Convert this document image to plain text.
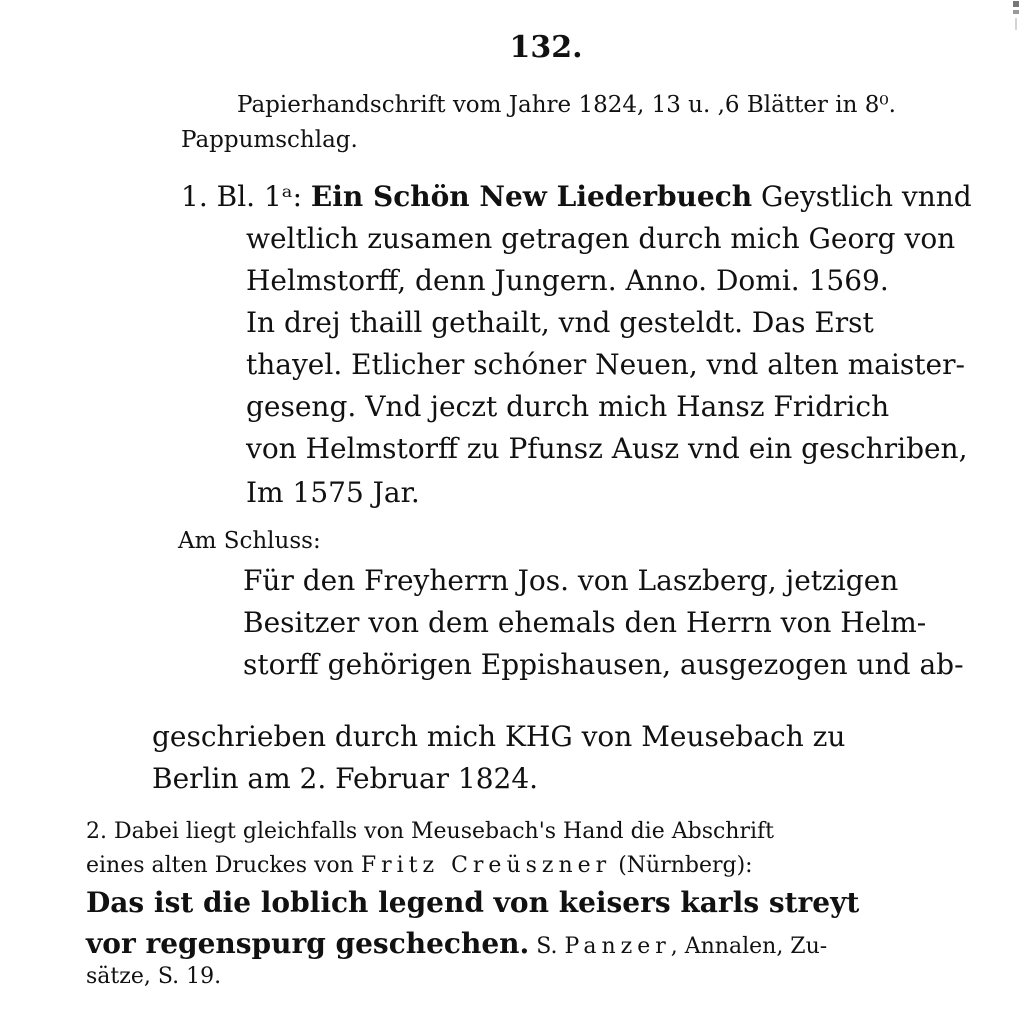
132.
Papierhandschrift vom Jahre 1824, 13 u. ,6 Blätter in 8⁰.
Pappumschlag.
1. Bl. 1ᵃ: Ein Schön New Liederbuech Geystlich vnnd
weltlich zusamen getragen durch mich Georg von
Helmstorff, denn Jungern. Anno. Domi. 1569.
In drej thaill gethailt, vnd gesteldt. Das Erst
thayel. Etlicher schóner Neuen, vnd alten maister-
geseng. Vnd jeczt durch mich Hansz Fridrich
von Helmstorff zu Pfunsz Ausz vnd ein geschriben,
Im 1575 Jar.
Am Schluss:
Für den Freyherrn Jos. von Laszberg, jetzigen
Besitzer von dem ehemals den Herrn von Helm-
storff gehörigen Eppishausen, ausgezogen und ab-
geschrieben durch mich KHG von Meusebach zu
Berlin am 2. Februar 1824.
2. Dabei liegt gleichfalls von Meusebach's Hand die Abschrift
eines alten Druckes von Fritz Creüszner (Nürnberg):
Das ist die loblich legend von keisers karls streyt
vor regenspurg geschechen. S. Panzer, Annalen, Zu-
sätze, S. 19.
